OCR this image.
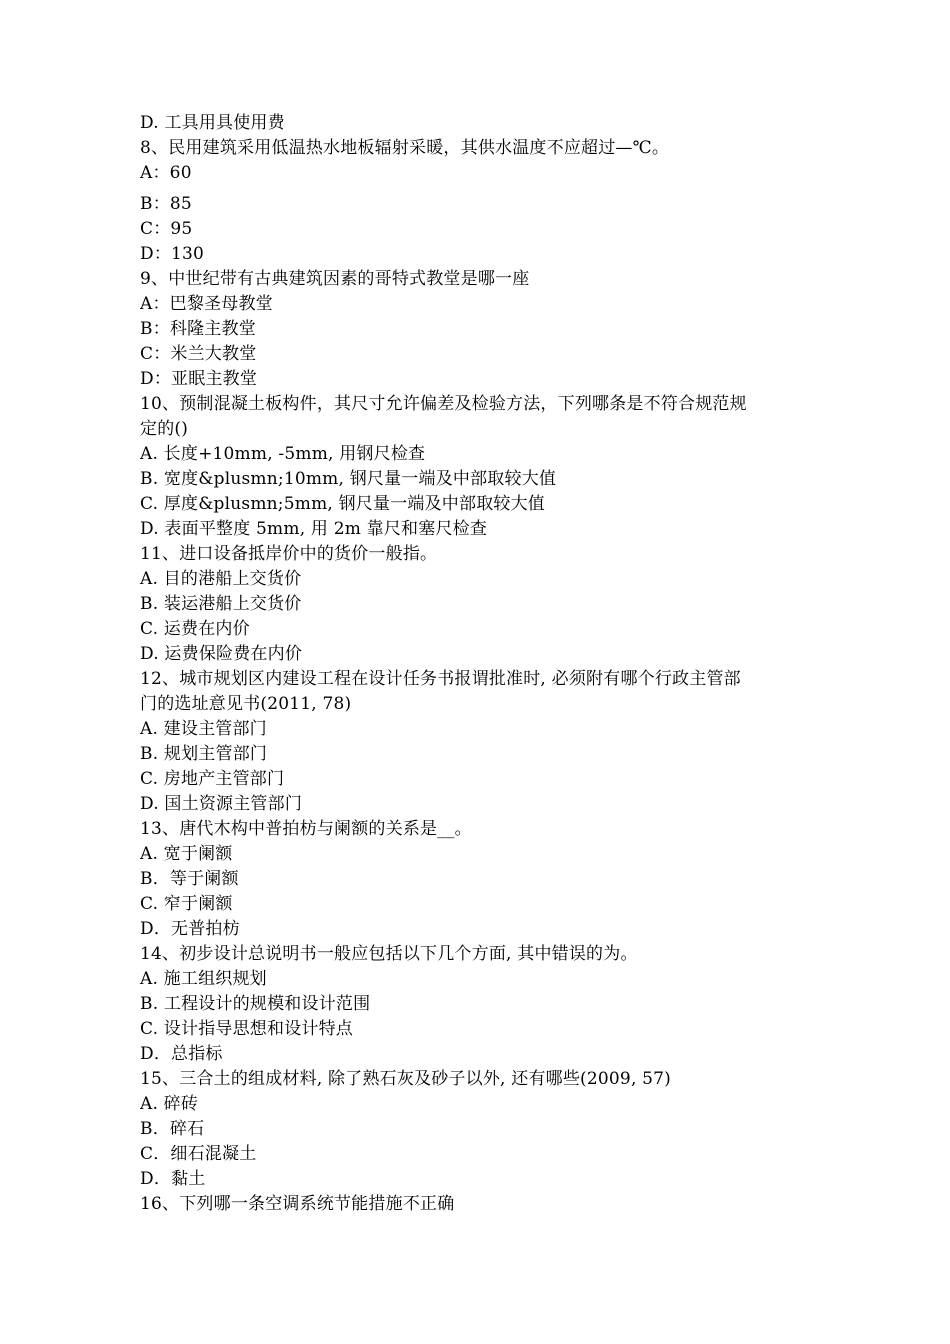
D. 工具用具使用费
8、民用建筑采用低温热水地板辐射采暖，其供水温度不应超过—℃。
A：60
B：85
C：95
D：130
9、中世纪带有古典建筑因素的哥特式教堂是哪一座
A：巴黎圣母教堂
B：科隆主教堂
C：米兰大教堂
D：亚眠主教堂
10、预制混凝土板构件，其尺寸允许偏差及检验方法，下列哪条是不符合规范规
定的()
A. 长度+10mm, -5mm, 用钢尺检查
B. 宽度&plusmn;10mm, 钢尺量一端及中部取较大值
C. 厚度&plusmn;5mm, 钢尺量一端及中部取较大值
D. 表面平整度 5mm, 用 2m 靠尺和塞尺检查
11、进口设备抵岸价中的货价一般指。
A. 目的港船上交货价
B. 装运港船上交货价
C. 运费在内价
D. 运费保险费在内价
12、城市规划区内建设工程在设计任务书报谓批准时, 必须附有哪个行政主管部
门的选址意见书(2011, 78)
A. 建设主管部门
B. 规划主管部门
C. 房地产主管部门
D. 国土资源主管部门
13、唐代木构中普拍枋与阑额的关系是__。
A. 宽于阑额
B．等于阑额
C. 窄于阑额
D．无普拍枋
14、初步设计总说明书一般应包括以下几个方面, 其中错误的为。
A. 施工组织规划
B. 工程设计的规模和设计范围
C. 设计指导思想和设计特点
D．总指标
15、三合土的组成材料, 除了熟石灰及砂子以外, 还有哪些(2009, 57)
A. 碎砖
B．碎石
C．细石混凝土
D．黏土
16、下列哪一条空调系统节能措施不正确
